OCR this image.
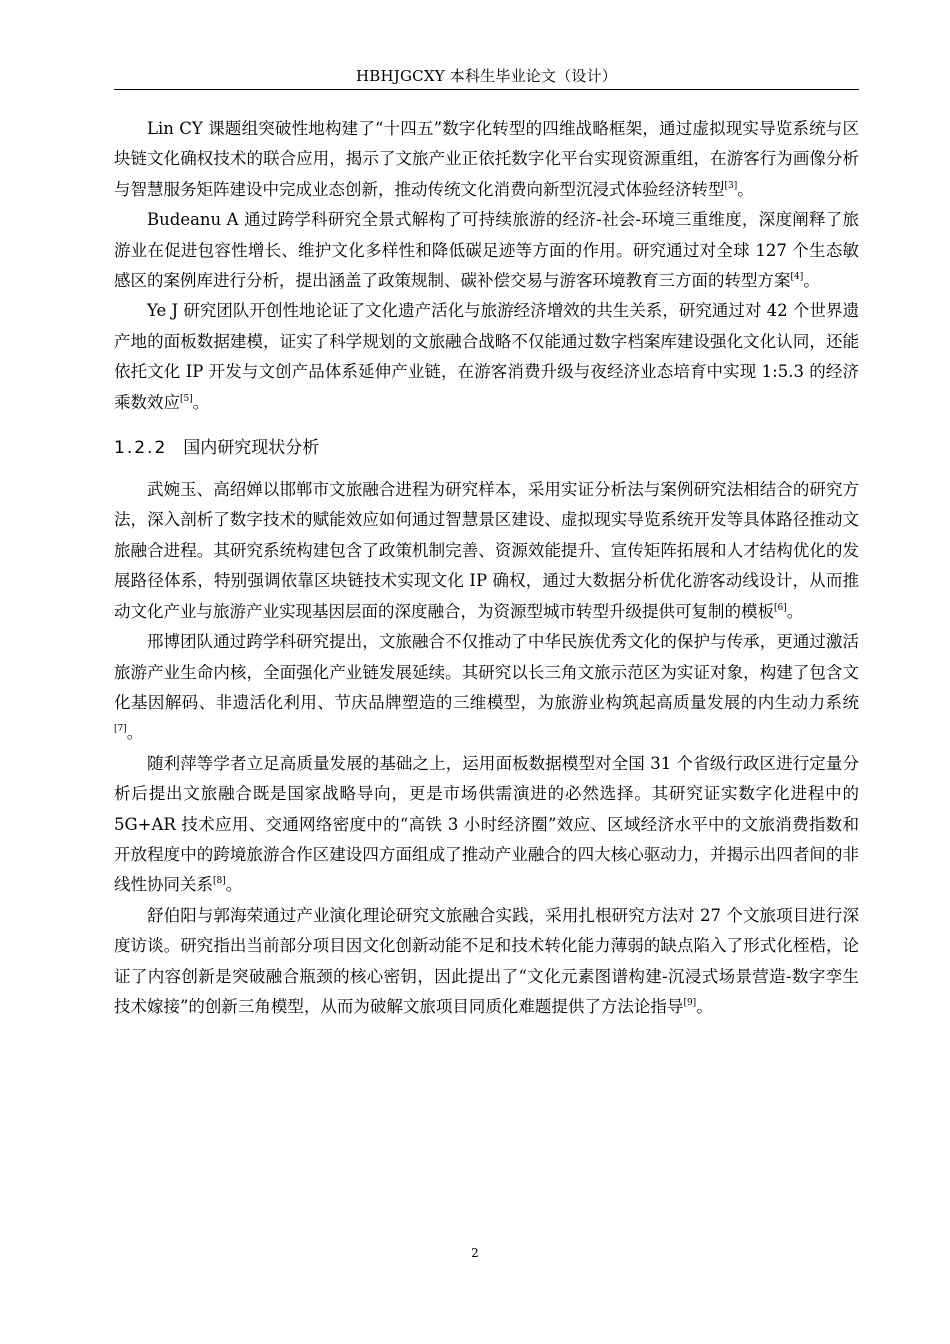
HBHJGCXY 本科生毕业论文（设计）

Lin CY 课题组突破性地构建了“十四五”数字化转型的四维战略框架，通过虚拟现实导览系统与区块链文化确权技术的联合应用，揭示了文旅产业正依托数字化平台实现资源重组，在游客行为画像分析与智慧服务矩阵建设中完成业态创新，推动传统文化消费向新型沉浸式体验经济转型[3]。

Budeanu A 通过跨学科研究全景式解构了可持续旅游的经济-社会-环境三重维度，深度阐释了旅游业在促进包容性增长、维护文化多样性和降低碳足迹等方面的作用。研究通过对全球 127 个生态敏感区的案例库进行分析，提出涵盖了政策规制、碳补偿交易与游客环境教育三方面的转型方案[4]。

Ye J 研究团队开创性地论证了文化遗产活化与旅游经济增效的共生关系，研究通过对 42 个世界遗产地的面板数据建模，证实了科学规划的文旅融合战略不仅能通过数字档案库建设强化文化认同，还能依托文化 IP 开发与文创产品体系延伸产业链，在游客消费升级与夜经济业态培育中实现 1:5.3 的经济乘数效应[5]。

1.2.2 国内研究现状分析

武婉玉、高绍婵以邯郸市文旅融合进程为研究样本，采用实证分析法与案例研究法相结合的研究方法，深入剖析了数字技术的赋能效应如何通过智慧景区建设、虚拟现实导览系统开发等具体路径推动文旅融合进程。其研究系统构建包含了政策机制完善、资源效能提升、宣传矩阵拓展和人才结构优化的发展路径体系，特别强调依靠区块链技术实现文化 IP 确权，通过大数据分析优化游客动线设计，从而推动文化产业与旅游产业实现基因层面的深度融合，为资源型城市转型升级提供可复制的模板[6]。

邢博团队通过跨学科研究提出，文旅融合不仅推动了中华民族优秀文化的保护与传承，更通过激活旅游产业生命内核，全面强化产业链发展延续。其研究以长三角文旅示范区为实证对象，构建了包含文化基因解码、非遗活化利用、节庆品牌塑造的三维模型，为旅游业构筑起高质量发展的内生动力系统[7]。

随利萍等学者立足高质量发展的基础之上，运用面板数据模型对全国 31 个省级行政区进行定量分析后提出文旅融合既是国家战略导向，更是市场供需演进的必然选择。其研究证实数字化进程中的 5G+AR 技术应用、交通网络密度中的“高铁 3 小时经济圈”效应、区域经济水平中的文旅消费指数和开放程度中的跨境旅游合作区建设四方面组成了推动产业融合的四大核心驱动力，并揭示出四者间的非线性协同关系[8]。

舒伯阳与郭海荣通过产业演化理论研究文旅融合实践，采用扎根研究方法对 27 个文旅项目进行深度访谈。研究指出当前部分项目因文化创新动能不足和技术转化能力薄弱的缺点陷入了形式化桎梏，论证了内容创新是突破融合瓶颈的核心密钥，因此提出了“文化元素图谱构建-沉浸式场景营造-数字孪生技术嫁接”的创新三角模型，从而为破解文旅项目同质化难题提供了方法论指导[9]。

2
